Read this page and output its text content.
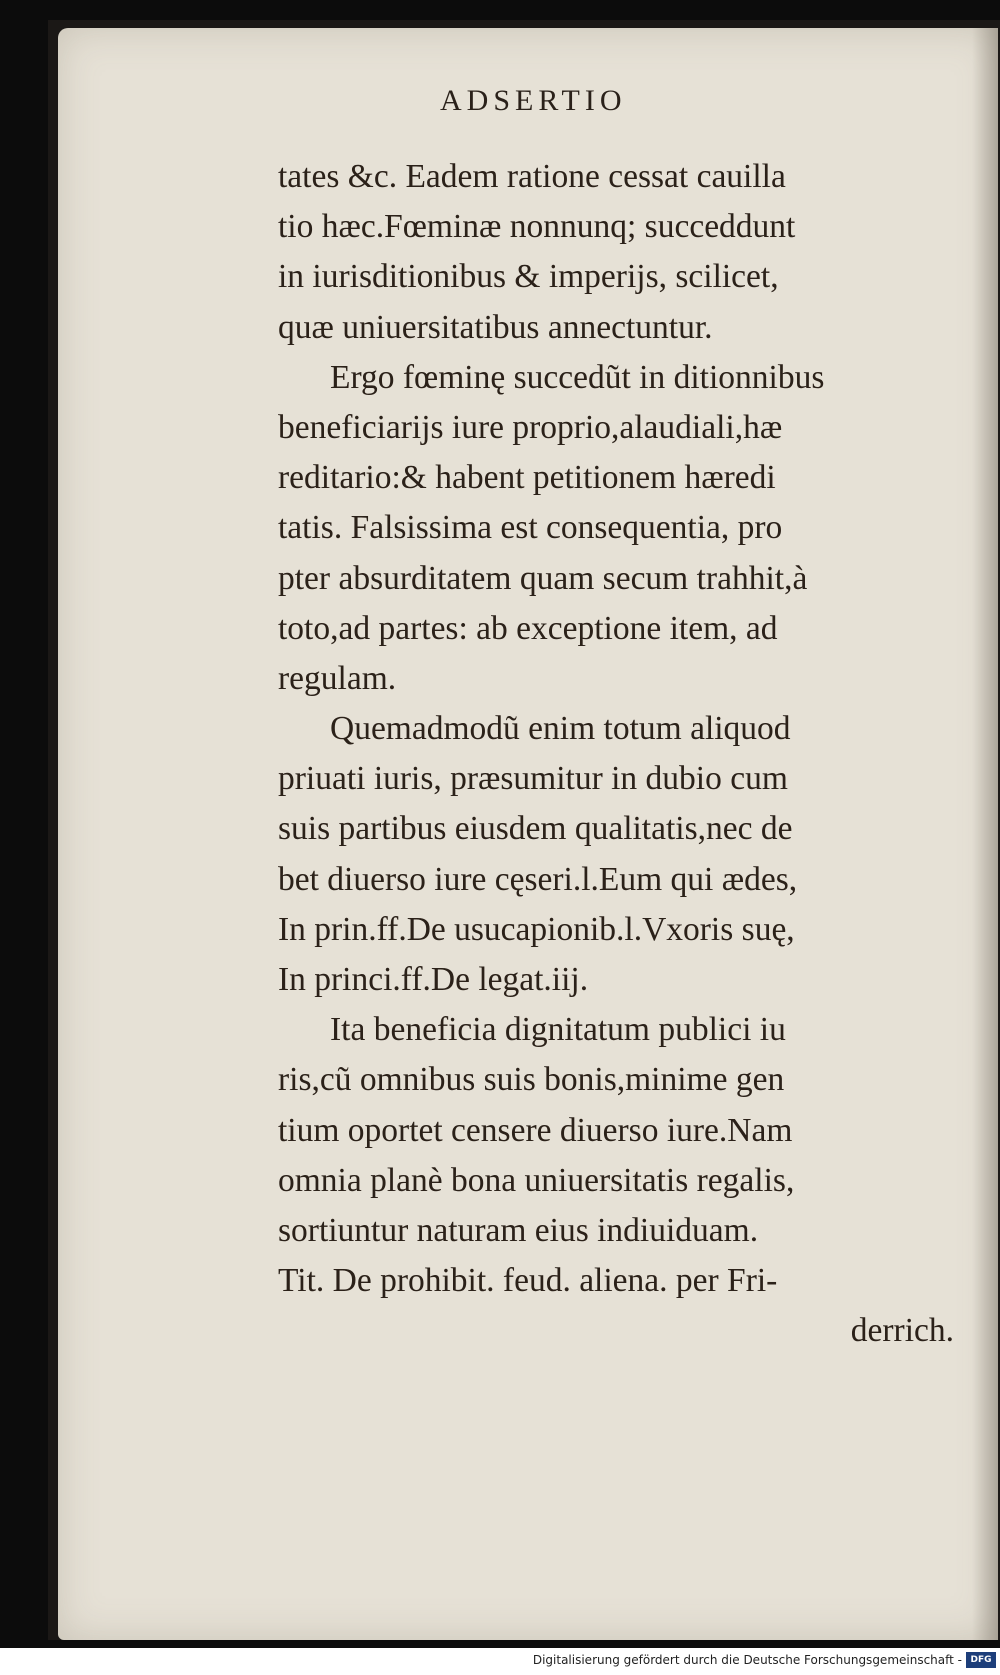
ADSERTIO
tates &c. Eadem ratione cessat cauilla
tio hæc.Fœminæ nonnunq; succeddunt
in iurisditionibus & imperijs, scilicet,
quæ uniuersitatibus annectuntur.
Ergo fœminę succedũt in ditionnibus
beneficiarijs iure proprio,alaudiali,hæ
reditario:& habent petitionem hæredi
tatis. Falsissima est consequentia, pro
pter absurditatem quam secum trahhit,à
toto,ad partes: ab exceptione item, ad
regulam.
Quemadmodũ enim totum aliquod
priuati iuris, præsumitur in dubio cum
suis partibus eiusdem qualitatis,nec de
bet diuerso iure cęseri.l.Eum qui ædes,
In prin.ff.De usucapionib.l.Vxoris suę,
In princi.ff.De legat.iij.
Ita beneficia dignitatum publici iu
ris,cũ omnibus suis bonis,minime gen
tium oportet censere diuerso iure.Nam
omnia planè bona uniuersitatis regalis,
sortiuntur naturam eius indiuiduam.
Tit. De prohibit. feud. aliena. per Fri-
derrich.
Digitalisierung gefördert durch die Deutsche Forschungsgemeinschaft - DFG
